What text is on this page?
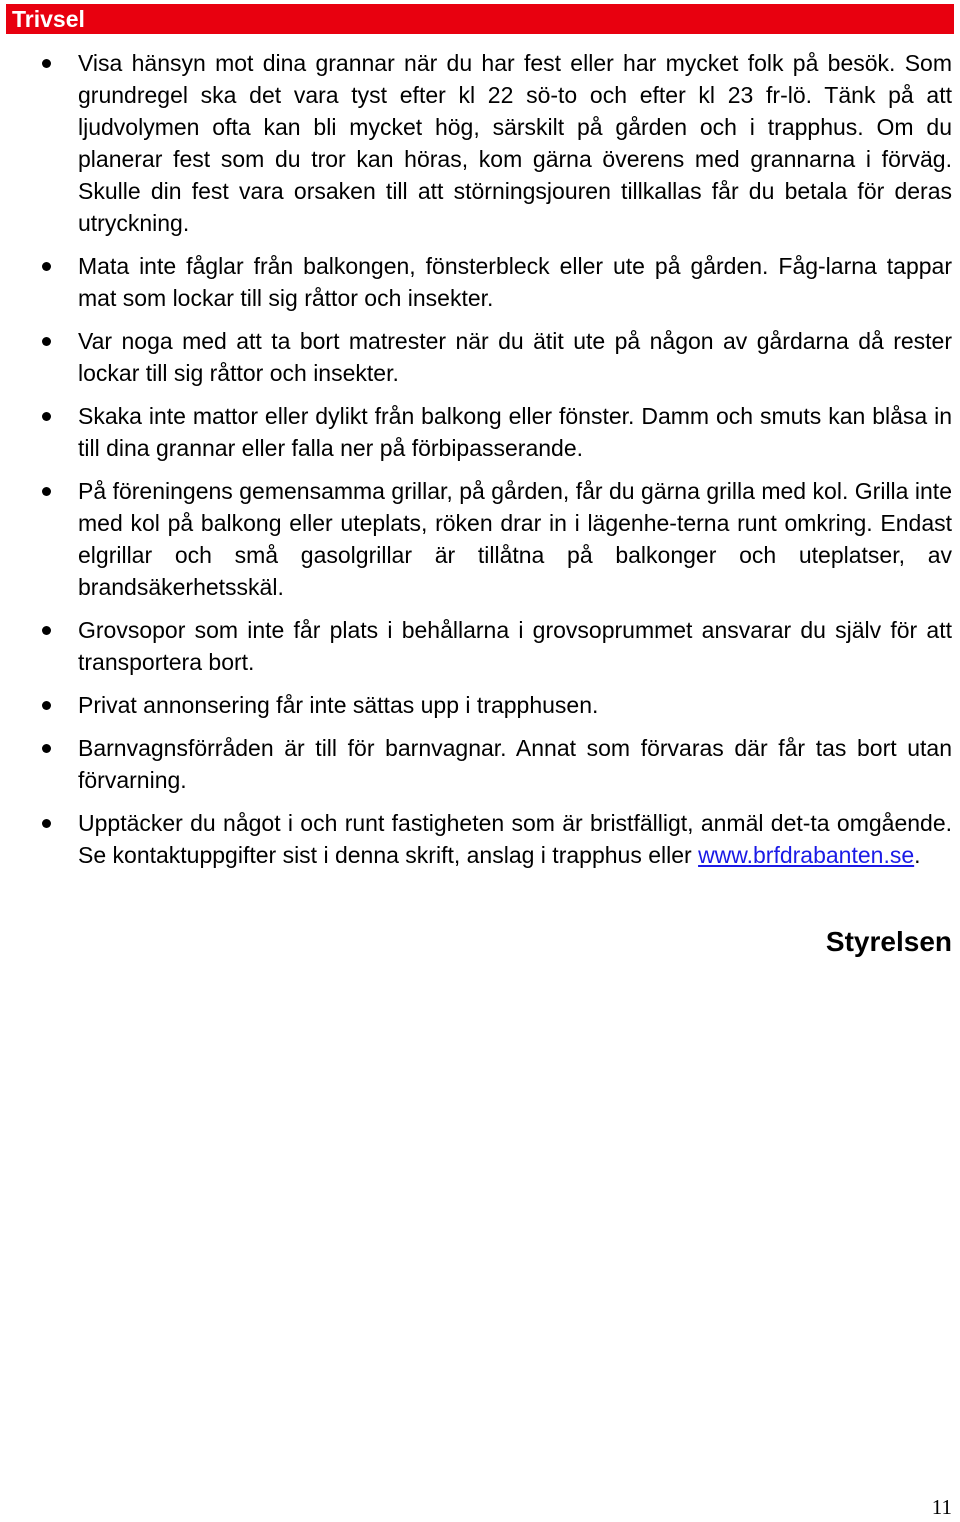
Trivsel
Visa hänsyn mot dina grannar när du har fest eller har mycket folk på besök. Som grundregel ska det vara tyst efter kl 22 sö-to och efter kl 23 fr-lö. Tänk på att ljudvolymen ofta kan bli mycket hög, särskilt på gården och i trapphus. Om du planerar fest som du tror kan höras, kom gärna överens med grannarna i förväg. Skulle din fest vara orsaken till att störningsjouren tillkallas får du betala för deras utryckning.
Mata inte fåglar från balkongen, fönsterbleck eller ute på gården. Fåg-larna tappar mat som lockar till sig råttor och insekter.
Var noga med att ta bort matrester när du ätit ute på någon av gårdarna då rester lockar till sig råttor och insekter.
Skaka inte mattor eller dylikt från balkong eller fönster. Damm och smuts kan blåsa in till dina grannar eller falla ner på förbipasserande.
På föreningens gemensamma grillar, på gården, får du gärna grilla med kol. Grilla inte med kol på balkong eller uteplats, röken drar in i lägenhe-terna runt omkring. Endast elgrillar och små gasolgrillar är tillåtna på balkonger och uteplatser, av brandsäkerhetsskäl.
Grovsopor som inte får plats i behållarna i grovsoprummet ansvarar du själv för att transportera bort.
Privat annonsering får inte sättas upp i trapphusen.
Barnvagnsförråden är till för barnvagnar. Annat som förvaras där får tas bort utan förvarning.
Upptäcker du något i och runt fastigheten som är bristfälligt, anmäl det-ta omgående. Se kontaktuppgifter sist i denna skrift, anslag i trapphus eller www.brfdrabanten.se.
Styrelsen
11
